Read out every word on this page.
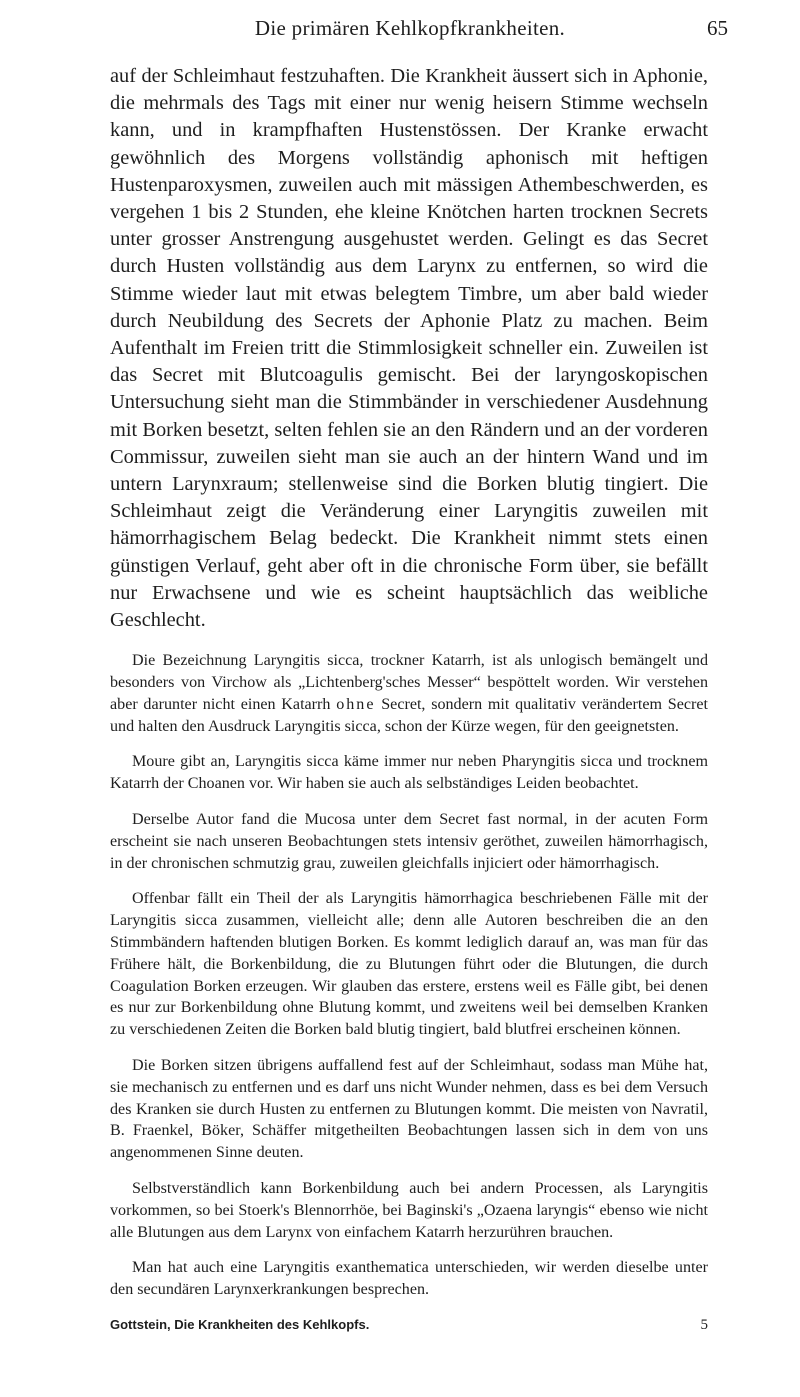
Die primären Kehlkopfkrankheiten.	65

auf der Schleimhaut festzuhaften. Die Krankheit äussert sich in Aphonie, die mehrmals des Tags mit einer nur wenig heisern Stimme wechseln kann, und in krampfhaften Hustenstössen. Der Kranke erwacht gewöhnlich des Morgens vollständig aphonisch mit heftigen Hustenparoxysmen, zuweilen auch mit mässigen Athembeschwerden, es vergehen 1 bis 2 Stunden, ehe kleine Knötchen harten trocknen Secrets unter grosser Anstrengung ausgehustet werden. Gelingt es das Secret durch Husten vollständig aus dem Larynx zu entfernen, so wird die Stimme wieder laut mit etwas belegtem Timbre, um aber bald wieder durch Neubildung des Secrets der Aphonie Platz zu machen. Beim Aufenthalt im Freien tritt die Stimmlosigkeit schneller ein. Zuweilen ist das Secret mit Blutcoagulis gemischt. Bei der laryngoskopischen Untersuchung sieht man die Stimmbänder in verschiedener Ausdehnung mit Borken besetzt, selten fehlen sie an den Rändern und an der vorderen Commissur, zuweilen sieht man sie auch an der hintern Wand und im untern Larynxraum; stellenweise sind die Borken blutig tingiert. Die Schleimhaut zeigt die Veränderung einer Laryngitis zuweilen mit hämorrhagischem Belag bedeckt. Die Krankheit nimmt stets einen günstigen Verlauf, geht aber oft in die chronische Form über, sie befällt nur Erwachsene und wie es scheint hauptsächlich das weibliche Geschlecht.

Die Bezeichnung Laryngitis sicca, trockner Katarrh, ist als unlogisch bemängelt und besonders von Virchow als „Lichtenberg'sches Messer“ bespöttelt worden. Wir verstehen aber darunter nicht einen Katarrh ohne Secret, sondern mit qualitativ verändertem Secret und halten den Ausdruck Laryngitis sicca, schon der Kürze wegen, für den geeignetsten.

Moure gibt an, Laryngitis sicca käme immer nur neben Pharyngitis sicca und trocknem Katarrh der Choanen vor. Wir haben sie auch als selbständiges Leiden beobachtet.

Derselbe Autor fand die Mucosa unter dem Secret fast normal, in der acuten Form erscheint sie nach unseren Beobachtungen stets intensiv geröthet, zuweilen hämorrhagisch, in der chronischen schmutzig grau, zuweilen gleichfalls injiciert oder hämorrhagisch.

Offenbar fällt ein Theil der als Laryngitis hämorrhagica beschriebenen Fälle mit der Laryngitis sicca zusammen, vielleicht alle; denn alle Autoren beschreiben die an den Stimmbändern haftenden blutigen Borken. Es kommt lediglich darauf an, was man für das Frühere hält, die Borkenbildung, die zu Blutungen führt oder die Blutungen, die durch Coagulation Borken erzeugen. Wir glauben das erstere, erstens weil es Fälle gibt, bei denen es nur zur Borkenbildung ohne Blutung kommt, und zweitens weil bei demselben Kranken zu verschiedenen Zeiten die Borken bald blutig tingiert, bald blutfrei erscheinen können.

Die Borken sitzen übrigens auffallend fest auf der Schleimhaut, sodass man Mühe hat, sie mechanisch zu entfernen und es darf uns nicht Wunder nehmen, dass es bei dem Versuch des Kranken sie durch Husten zu entfernen zu Blutungen kommt. Die meisten von Navratil, B. Fraenkel, Böker, Schäffer mitgetheilten Beobachtungen lassen sich in dem von uns angenommenen Sinne deuten.

Selbstverständlich kann Borkenbildung auch bei andern Processen, als Laryngitis vorkommen, so bei Stoerk's Blennorrhöe, bei Baginski's „Ozaena laryngis“ ebenso wie nicht alle Blutungen aus dem Larynx von einfachem Katarrh herzurühren brauchen.

Man hat auch eine Laryngitis exanthematica unterschieden, wir werden dieselbe unter den secundären Larynxerkrankungen besprechen.

Gottstein, Die Krankheiten des Kehlkopfs.	5
